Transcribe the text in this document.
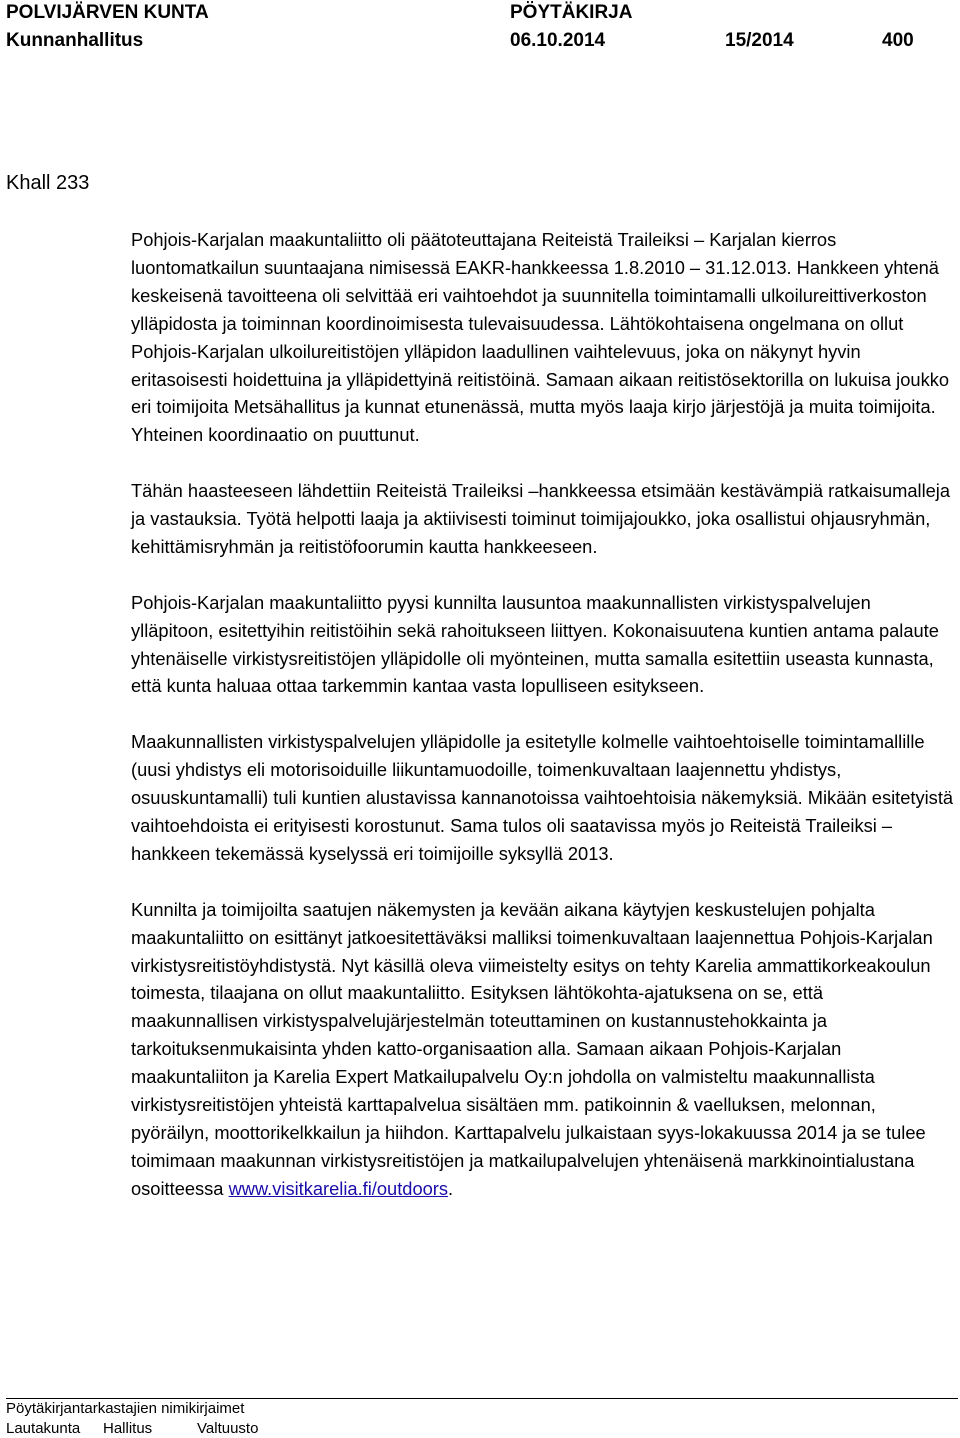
POLVIJÄRVEN KUNTA	PÖYTÄKIRJA
Kunnanhallitus	06.10.2014	15/2014	400
Khall 233

Pohjois-Karjalan maakuntaliitto oli päätoteuttajana Reiteistä Traileiksi – Karjalan kierros luontomatkailun suuntaajana nimisessä EAKR-hankkeessa 1.8.2010 – 31.12.013. Hankkeen yhtenä keskeisenä tavoitteena oli selvittää eri vaihtoehdot ja suunnitella toimintamalli ulkoilureittiverkoston ylläpidosta ja toiminnan koordinoimisesta tulevaisuudessa. Lähtökohtaisena ongelmana on ollut Pohjois-Karjalan ulkoilureitistöjen ylläpidon laadullinen vaihtelevuus, joka on näkynyt hyvin eritasoisesti hoidettuina ja ylläpidettyinä reitistöinä. Samaan aikaan reitistösektorilla on lukuisa joukko eri toimijoita Metsähallitus ja kunnat etunenässä, mutta myös laaja kirjo järjestöjä ja muita toimijoita. Yhteinen koordinaatio on puuttunut.

Tähän haasteeseen lähdettiin Reiteistä Traileiksi –hankkeessa etsimään kestävämpiä ratkaisumalleja ja vastauksia. Työtä helpotti laaja ja aktiivisesti toiminut toimijajoukko, joka osallistui ohjausryhmän, kehittämisryhmän ja reitistöfoorumin kautta hankkeeseen.

Pohjois-Karjalan maakuntaliitto pyysi kunnilta lausuntoa maakunnallisten virkistyspalvelujen ylläpitoon, esitettyihin reitistöihin sekä rahoitukseen liittyen. Kokonaisuutena kuntien antama palaute yhtenäiselle virkistysreitistöjen ylläpidolle oli myönteinen, mutta samalla esitettiin useasta kunnasta, että kunta haluaa ottaa tarkemmin kantaa vasta lopulliseen esitykseen.

Maakunnallisten virkistyspalvelujen ylläpidolle ja esitetylle kolmelle vaihtoehtoiselle toimintamallille (uusi yhdistys eli motorisoiduille liikuntamuodoille, toimenkuvaltaan laajennettu yhdistys, osuuskuntamalli) tuli kuntien alustavissa kannanotoissa vaihtoehtoisia näkemyksiä. Mikään esitetyistä vaihtoehdoista ei erityisesti korostunut. Sama tulos oli saatavissa myös jo Reiteistä Traileiksi –hankkeen tekemässä kyselyssä eri toimijoille syksyllä 2013.

Kunnilta ja toimijoilta saatujen näkemysten ja kevään aikana käytyjen keskustelujen pohjalta maakuntaliitto on esittänyt jatkoesitettäväksi malliksi toimenkuvaltaan laajennettua Pohjois-Karjalan virkistysreitistöyhdistystä. Nyt käsillä oleva viimeistelty esitys on tehty Karelia ammattikorkeakoulun toimesta, tilaajana on ollut maakuntaliitto. Esityksen lähtökohta-ajatuksena on se, että maakunnallisen virkistyspalvelujärjestelmän toteuttaminen on kustannustehokkainta ja tarkoituksenmukaisinta yhden katto-organisaation alla. Samaan aikaan Pohjois-Karjalan maakuntaliiton ja Karelia Expert Matkailupalvelu Oy:n johdolla on valmisteltu maakunnallista virkistysreitistöjen yhteistä karttapalvelua sisältäen mm. patikoinnin & vaelluksen, melonnan, pyöräilyn, moottorikelkkailun ja hiihdon. Karttapalvelu julkaistaan syys-lokakuussa 2014 ja se tulee toimimaan maakunnan virkistysreitistöjen ja matkailupalvelujen yhtenäisenä markkinointialustana osoitteessa www.visitkarelia.fi/outdoors.

Pöytäkirjantarkastajien nimikirjaimet
Lautakunta Hallitus	Valtuusto
